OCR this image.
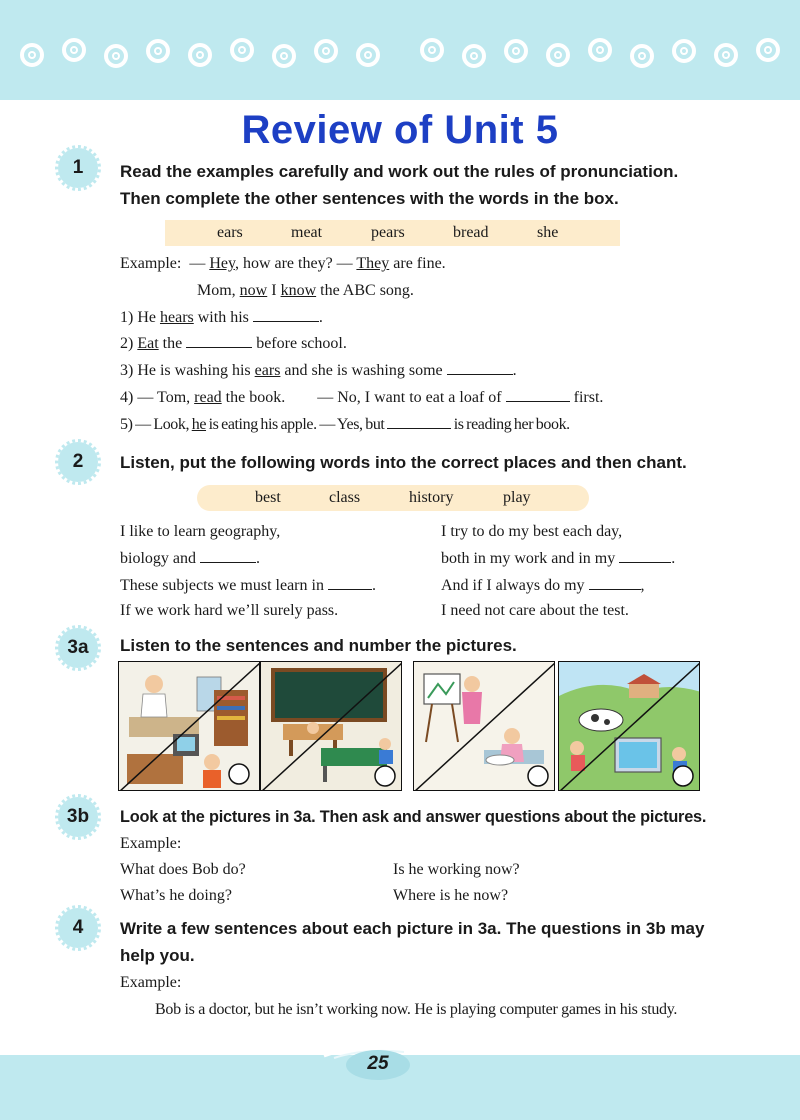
Review of Unit 5
1 Read the examples carefully and work out the rules of pronunciation.
Then complete the other sentences with the words in the box.

ears	meat	pears	bread	she
Example: — Hey, how are they? — They are fine.
Mom, now I know the ABC song.
1) He hears with his	.
2) Eat the	before school.
3) He is washing his ears and she is washing some	.
4) — Tom, read the book. — No, I want to eat a loaf of	first.
5) — Look, he is eating his apple. — Yes, but	is reading her book.
2 Listen, put the following words into the correct places and then chant.

best	class	history	play
I like to learn geography,
biology and	.
These subjects we must learn in	.
If we work hard we’ll surely pass.
I try to do my best each day,
both in my work and in my	.
And if I always do my	,
I need not care about the test.
3a Listen to the sentences and number the pictures.

3b Look at the pictures in 3a. Then ask and answer questions about the pictures.

Example:
What does Bob do?	Is he working now?
What’s he doing?	Where is he now?
4 Write a few sentences about each picture in 3a. The questions in 3b may
help you.

Example:
Bob is a doctor, but he isn’t working now. He is playing computer games in his study.
25
